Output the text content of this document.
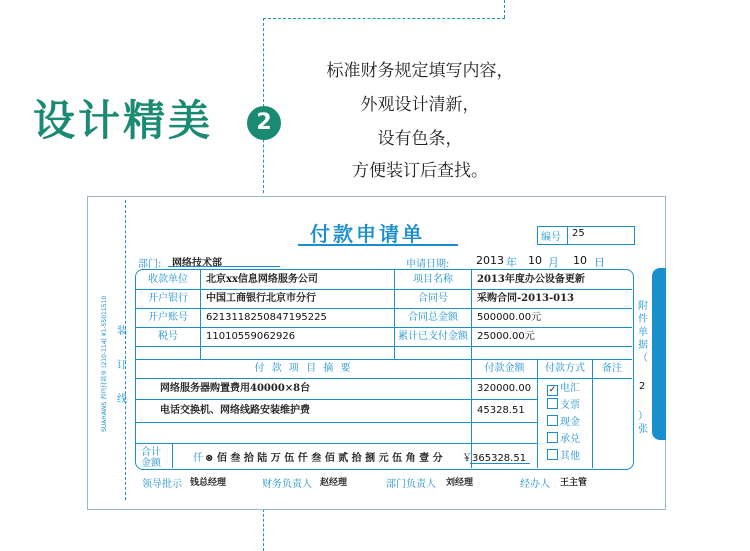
设计精美	2
标准财务规定填写内容，
外观设计清新，
设有色条，
方便装订后查找。
装
订
线
SUAHAWS 西玛付款单 (210-114) ¥1-55011510
付款申请单	编号 25
部门: 网络技术部	申请日期: 2013 年 10 月 10 日
收款单位	北京xx信息网络服务公司	项目名称	2013年度办公设备更新
开户银行	中国工商银行北京市分行	合同号	采购合同-2013-013
开户账号	6213118250847195225	合同总金额	500000.00元
税号	11010559062926	累计已支付金额 25000.00元
付 款 项 目 摘 要	付款金额	付款方式	备注
网络服务器购置费用40000×8台	320000.00
电话交换机、网络线路安装维护费	45328.51
✓ 电汇
支票
现金
承兑
其他
合计
金额	仟 ⊗ 佰 叁 拾 陆 万 伍 仟 叁 佰 贰 拾 捌 元 伍 角 壹 分 ￥365328.51
领导批示 钱总经理	财务负责人 赵经理	部门负责人 刘经理	经办人 王主管
附
件
单
据
（
2
）
张
